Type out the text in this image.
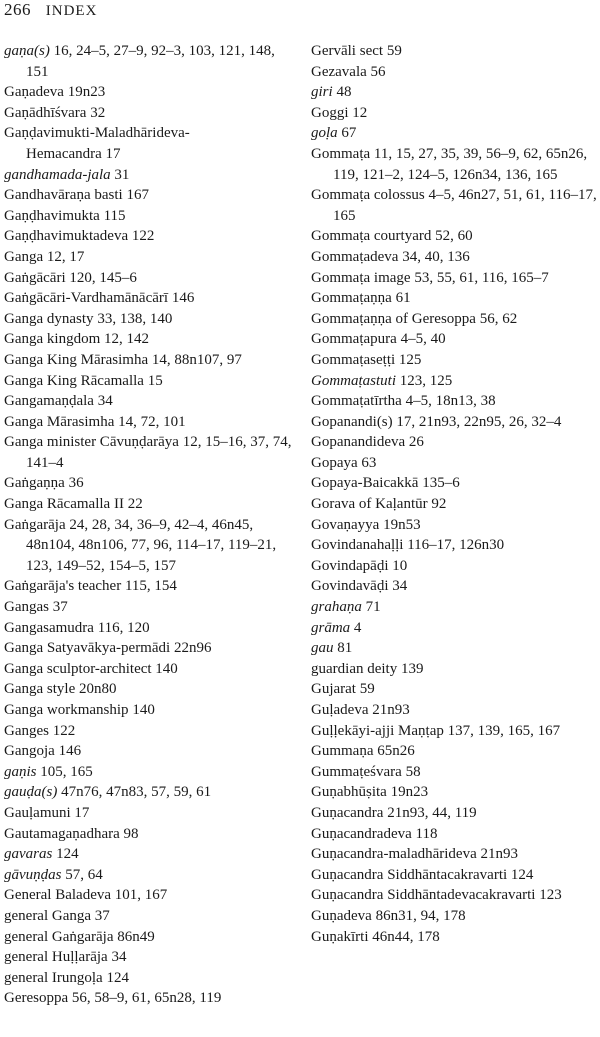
266 INDEX
gaṇa(s) 16, 24–5, 27–9, 92–3, 103, 121, 148, 151
Gaṇadeva 19n23
Gaṇādhīśvara 32
Gaṇḍavimukti-Maladhārideva-
Hemacandra 17
gandhamada-jala 31
Gandhavāraṇa basti 167
Gaṇḍhavimukta 115
Gaṇḍhavimuktadeva 122
Ganga 12, 17
Gaṅgācāri 120, 145–6
Gaṅgācāri-Vardhamānācārī 146
Ganga dynasty 33, 138, 140
Ganga kingdom 12, 142
Ganga King Mārasimha 14, 88n107, 97
Ganga King Rācamalla 15
Gangamaṇḍala 34
Ganga Mārasimha 14, 72, 101
Ganga minister Cāvuṇḍarāya 12, 15–16, 37, 74, 141–4
Gaṅgaṇṇa 36
Ganga Rācamalla II 22
Gaṅgarāja 24, 28, 34, 36–9, 42–4, 46n45, 48n104, 48n106, 77, 96, 114–17, 119–21, 123, 149–52, 154–5, 157
Gaṅgarāja's teacher 115, 154
Gangas 37
Gangasamudra 116, 120
Ganga Satyavākya-permādi 22n96
Ganga sculptor-architect 140
Ganga style 20n80
Ganga workmanship 140
Ganges 122
Gangoja 146
gaṇis 105, 165
gauḍa(s) 47n76, 47n83, 57, 59, 61
Gauḷamuni 17
Gautamagaṇadhara 98
gavaras 124
gāvuṇḍas 57, 64
General Baladeva 101, 167
general Ganga 37
general Gaṅgarāja 86n49
general Huḷḷarāja 34
general Irungoḷa 124
Geresoppa 56, 58–9, 61, 65n28, 119
Gervāli sect 59
Gezavala 56
giri 48
Goggi 12
goḷa 67
Gommaṭa 11, 15, 27, 35, 39, 56–9, 62, 65n26, 119, 121–2, 124–5, 126n34, 136, 165
Gommaṭa colossus 4–5, 46n27, 51, 61, 116–17, 165
Gommaṭa courtyard 52, 60
Gommaṭadeva 34, 40, 136
Gommaṭa image 53, 55, 61, 116, 165–7
Gommaṭaṇṇa 61
Gommaṭaṇṇa of Geresoppa 56, 62
Gommaṭapura 4–5, 40
Gommaṭaseṭṭi 125
Gommaṭastuti 123, 125
Gommaṭatīrtha 4–5, 18n13, 38
Gopanandi(s) 17, 21n93, 22n95, 26, 32–4
Gopanandideva 26
Gopaya 63
Gopaya-Baicakkā 135–6
Gorava of Kaḷantūr 92
Govaṇayya 19n53
Govindanahaḷḷi 116–17, 126n30
Govindapāḍi 10
Govindavāḍi 34
grahaṇa 71
grāma 4
gau 81
guardian deity 139
Gujarat 59
Guḷadeva 21n93
Guḷḷekāyi-ajji Maṇṭap 137, 139, 165, 167
Gummaṇa 65n26
Gummaṭeśvara 58
Guṇabhūṣita 19n23
Guṇacandra 21n93, 44, 119
Guṇacandradeva 118
Guṇacandra-maladhārideva 21n93
Guṇacandra Siddhāntacakravarti 124
Guṇacandra Siddhāntadevacakravarti 123
Guṇadeva 86n31, 94, 178
Guṇakīrti 46n44, 178
